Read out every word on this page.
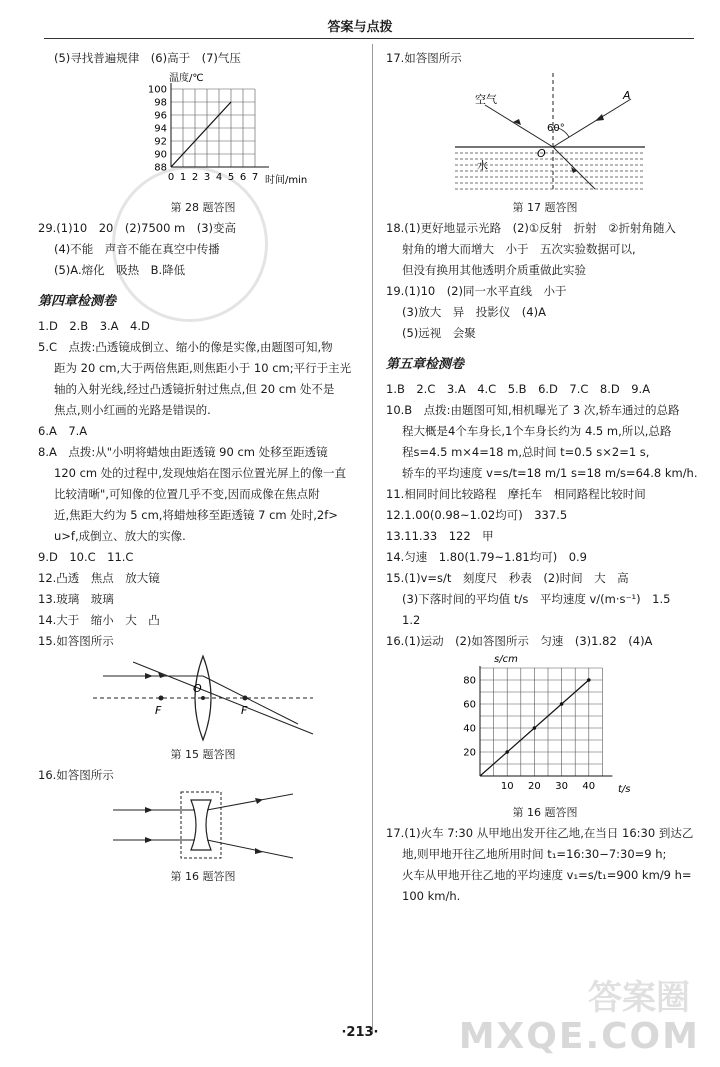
答案与点拨
(5)寻找普遍规律　(6)高于　(7)气压
温度/℃
时间/min
100
98
96
94
92
90
88
0 1 2 3 4 5 6 7
第 28 题答图
29.(1)10　20　(2)7500 m　(3)变高
(4)不能　声音不能在真空中传播
(5)A.熔化　吸热　B.降低
第四章检测卷
1.D　2.B　3.A　4.D
5.C　点拨:凸透镜成倒立、缩小的像是实像,由题图可知,物
距为 20 cm,大于两倍焦距,则焦距小于 10 cm;平行于主光
轴的入射光线,经过凸透镜折射过焦点,但 20 cm 处不是
焦点,则小红画的光路是错误的.
6.A　7.A
8.A　点拨:从"小明将蜡烛由距透镜 90 cm 处移至距透镜
120 cm 处的过程中,发现烛焰在图示位置光屏上的像一直
比较清晰",可知像的位置几乎不变,因而成像在焦点附
近,焦距大约为 5 cm,将蜡烛移至距透镜 7 cm 处时,2f>
u>f,成倒立、放大的实像.
9.D　10.C　11.C
12.凸透　焦点　放大镜
13.玻璃　玻璃
14.大于　缩小　大　凸
15.如答图所示
O
F	F
第 15 题答图
16.如答图所示
第 16 题答图
17.如答图所示
空气	A
O
60°
水
第 17 题答图
18.(1)更好地显示光路　(2)①反射　折射　②折射角随入
射角的增大而增大　小于　五次实验数据可以,
但没有换用其他透明介质重做此实验
19.(1)10　(2)同一水平直线　小于
(3)放大　异　投影仪　(4)A
(5)远视　会聚
第五章检测卷
1.B　2.C　3.A　4.C　5.B　6.D　7.C　8.D　9.A
10.B　点拨:由题图可知,相机曝光了 3 次,轿车通过的总路
程大概是4个车身长,1个车身长约为 4.5 m,所以,总路
程s=4.5 m×4=18 m,总时间 t=0.5 s×2=1 s,
轿车的平均速度 v=s/t=18 m/1 s=18 m/s=64.8 km/h.
11.相同时间比较路程　摩托车　相同路程比较时间
12.1.00(0.98~1.02均可)　337.5
13.11.33　122　甲
14.匀速　1.80(1.79~1.81均可)　0.9
15.(1)v=s/t　刻度尺　秒表　(2)时间　大　高
(3)下落时间的平均值 t/s　平均速度 v/(m·s⁻¹)　1.5
1.2
16.(1)运动　(2)如答图所示　匀速　(3)1.82　(4)A
s/cm
t/s
80
60
40
20
10 20 30 40
第 16 题答图
17.(1)火车 7:30 从甲地出发开往乙地,在当日 16:30 到达乙
地,则甲地开往乙地所用时间 t₁=16:30−7:30=9 h;
火车从甲地开往乙地的平均速度 v₁=s/t₁=900 km/9 h=
100 km/h.
·213·
答案圈
MXQE.COM
